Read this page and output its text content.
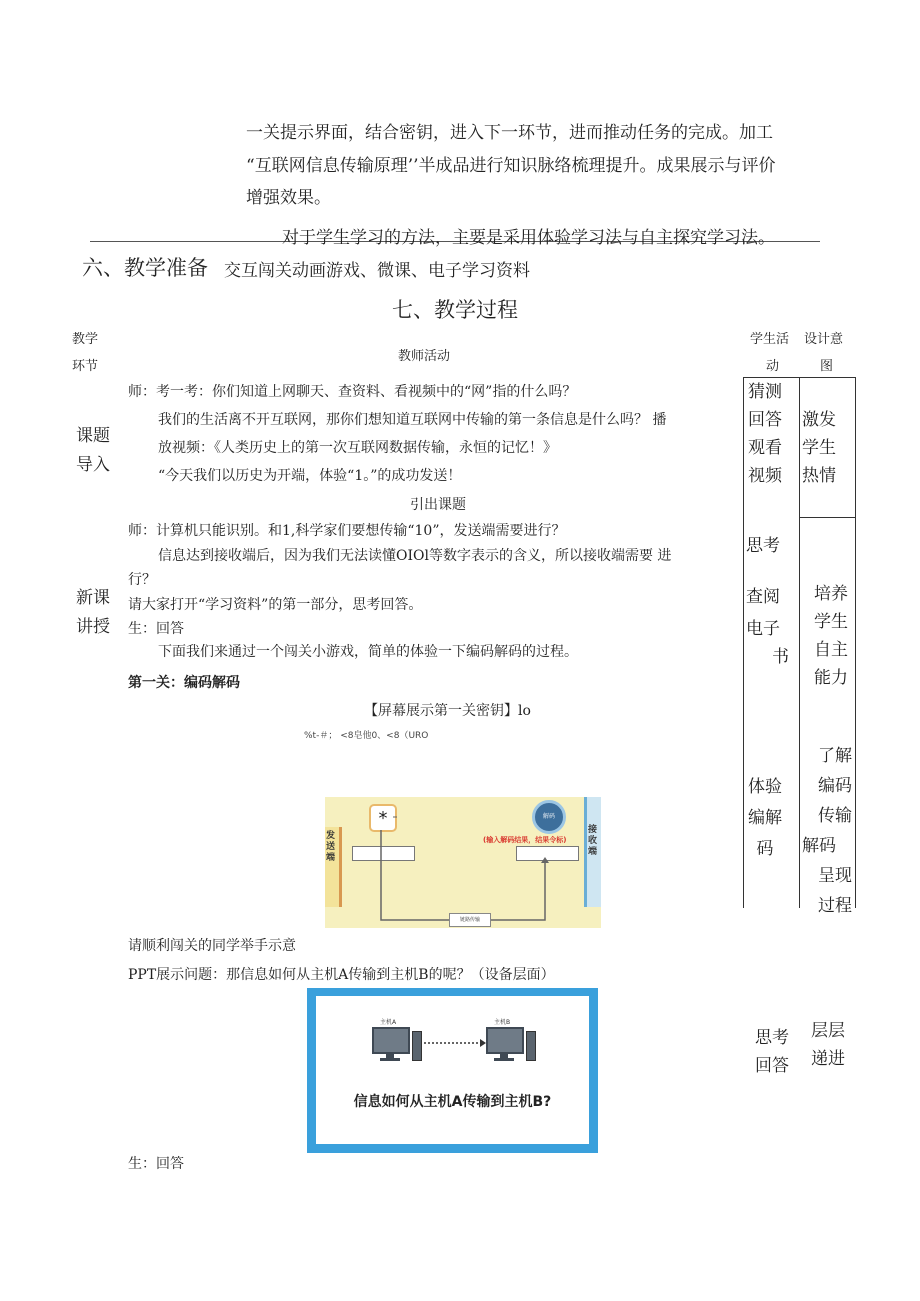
一关提示界面，结合密钥，进入下一环节，进而推动任务的完成。加工
“互联网信息传输原理’’半成品进行知识脉络梳理提升。成果展示与评价
增强效果。
对于学生学习的方法，主要是采用体验学习法与自主探究学习法。
六、教学准备 交互闯关动画游戏、微课、电子学习资料
七、教学过程
教学
环节
教师活动
学生活
动
设计意
图
课题
导入
师：考一考：你们知道上网聊天、查资料、看视频中的“网”指的什么吗？
我们的生活离不开互联网，那你们想知道互联网中传输的第一条信息是什么吗？ 播
放视频：《人类历史上的第一次互联网数据传输，永恒的记忆！》
“今天我们以历史为开端，体验“1。”的成功发送！
引出课题
猜测
回答
观看
视频
激发
学生
热情
新课
讲授
师：计算机只能识别。和1,科学家们要想传输“10”，发送端需要进行？
信息达到接收端后，因为我们无法读懂OIOl等数字表示的含义，所以接收端需要 进
行？
请大家打开“学习资料”的第一部分，思考回答。
生：回答
下面我们来通过一个闯关小游戏，简单的体验一下编码解码的过程。
第一关：编码解码
【屏幕展示第一关密钥】lo
%t-＃； <8皂他0、<8（URO
思考
查阅
电子
书
体验
编解
码
培养
学生
自主
能力
了解
编码
传输
解码
呈现
过程
发
送
端
接
收
端
*	解码
(输入解码结果，结果令标)
链路传输
请顺利闯关的同学举手示意
PPT展示问题：那信息如何从主机A传输到主机B的呢？（设备层面）
主机A	主机B
信息如何从主机A传输到主机B?
思考
回答
层层
递进
生：回答
